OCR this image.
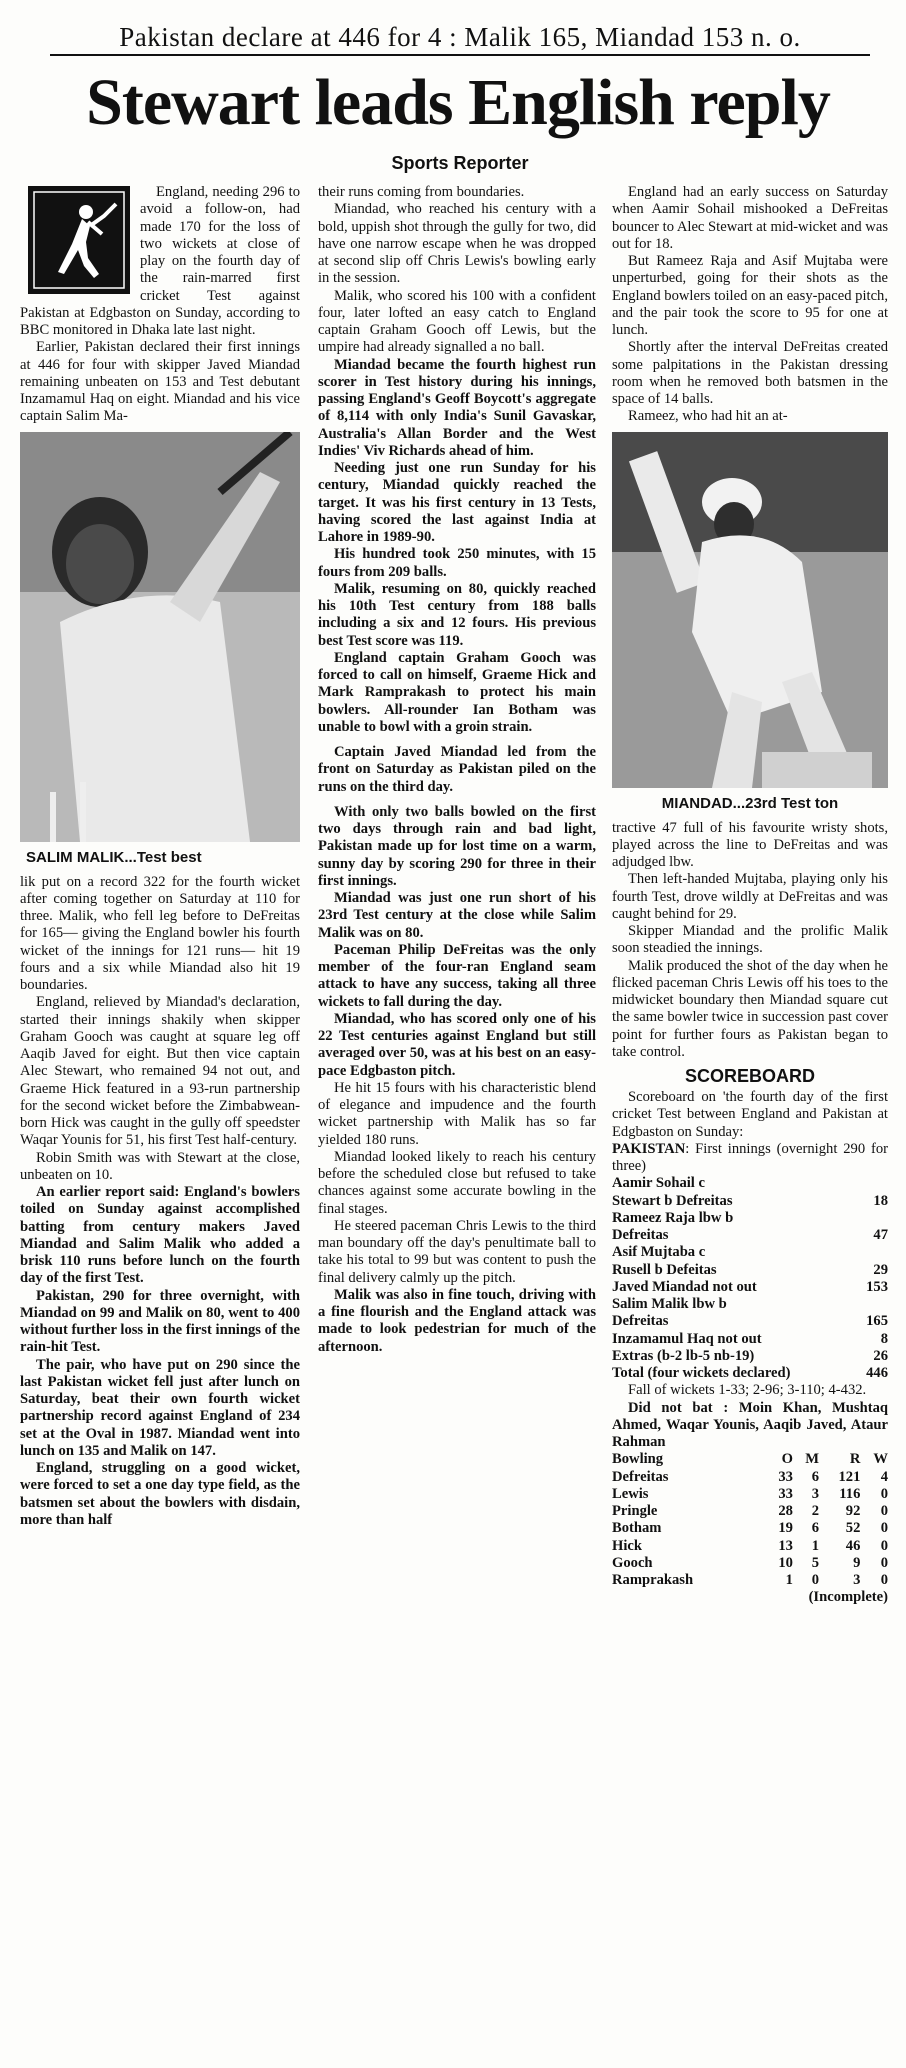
Pakistan declare at 446 for 4 : Malik 165, Miandad 153 n. o.
Stewart leads English reply
Sports Reporter

England, needing 296 to avoid a follow-on, had made 170 for the loss of two wickets at close of play on the fourth day of the rain-marred first cricket Test against Pakistan at Edgbaston on Sunday, according to BBC monitored in Dhaka late last night.

Earlier, Pakistan declared their first innings at 446 for four with skipper Javed Miandad remaining unbeaten on 153 and Test debutant Inzamamul Haq on eight. Miandad and his vice captain Salim Ma-

SALIM MALIK...Test best

lik put on a record 322 for the fourth wicket after coming together on Saturday at 110 for three. Malik, who fell leg before to DeFreitas for 165— giving the England bowler his fourth wicket of the innings for 121 runs— hit 19 fours and a six while Miandad also hit 19 boundaries.

England, relieved by Miandad's declaration, started their innings shakily when skipper Graham Gooch was caught at square leg off Aaqib Javed for eight. But then vice captain Alec Stewart, who remained 94 not out, and Graeme Hick featured in a 93-run partnership for the second wicket before the Zimbabwean-born Hick was caught in the gully off speedster Waqar Younis for 51, his first Test half-century.

Robin Smith was with Stewart at the close, unbeaten on 10.

An earlier report said: England's bowlers toiled on Sunday against accomplished batting from century makers Javed Miandad and Salim Malik who added a brisk 110 runs before lunch on the fourth day of the first Test.

Pakistan, 290 for three overnight, with Miandad on 99 and Malik on 80, went to 400 without further loss in the first innings of the rain-hit Test.

The pair, who have put on 290 since the last Pakistan wicket fell just after lunch on Saturday, beat their own fourth wicket partnership record against England of 234 set at the Oval in 1987. Miandad went into lunch on 135 and Malik on 147.

England, struggling on a good wicket, were forced to set a one day type field, as the batsmen set about the bowlers with disdain, more than half

their runs coming from boundaries.

Miandad, who reached his century with a bold, uppish shot through the gully for two, did have one narrow escape when he was dropped at second slip off Chris Lewis's bowling early in the session.

Malik, who scored his 100 with a confident four, later lofted an easy catch to England captain Graham Gooch off Lewis, but the umpire had already signalled a no ball.

Miandad became the fourth highest run scorer in Test history during his innings, passing England's Geoff Boycott's aggregate of 8,114 with only India's Sunil Gavaskar, Australia's Allan Border and the West Indies' Viv Richards ahead of him.

Needing just one run Sunday for his century, Miandad quickly reached the target. It was his first century in 13 Tests, having scored the last against India at Lahore in 1989-90.

His hundred took 250 minutes, with 15 fours from 209 balls.

Malik, resuming on 80, quickly reached his 10th Test century from 188 balls including a six and 12 fours. His previous best Test score was 119.

England captain Graham Gooch was forced to call on himself, Graeme Hick and Mark Ramprakash to protect his main bowlers. All-rounder Ian Botham was unable to bowl with a groin strain.

Captain Javed Miandad led from the front on Saturday as Pakistan piled on the runs on the third day.

With only two balls bowled on the first two days through rain and bad light, Pakistan made up for lost time on a warm, sunny day by scoring 290 for three in their first innings.

Miandad was just one run short of his 23rd Test century at the close while Salim Malik was on 80.

Paceman Philip DeFreitas was the only member of the four-ran England seam attack to have any success, taking all three wickets to fall during the day.

Miandad, who has scored only one of his 22 Test centuries against England but still averaged over 50, was at his best on an easy-pace Edgbaston pitch.

He hit 15 fours with his characteristic blend of elegance and impudence and the fourth wicket partnership with Malik has so far yielded 180 runs.

Miandad looked likely to reach his century before the scheduled close but refused to take chances against some accurate bowling in the final stages.

He steered paceman Chris Lewis to the third man boundary off the day's penultimate ball to take his total to 99 but was content to push the final delivery calmly up the pitch.

Malik was also in fine touch, driving with a fine flourish and the England attack was made to look pedestrian for much of the afternoon.

England had an early success on Saturday when Aamir Sohail mishooked a DeFreitas bouncer to Alec Stewart at mid-wicket and was out for 18.

But Rameez Raja and Asif Mujtaba were unperturbed, going for their shots as the England bowlers toiled on an easy-paced pitch, and the pair took the score to 95 for one at lunch.

Shortly after the interval DeFreitas created some palpitations in the Pakistan dressing room when he removed both batsmen in the space of 14 balls.

Rameez, who had hit an at-

MIANDAD...23rd Test ton

tractive 47 full of his favourite wristy shots, played across the line to DeFreitas and was adjudged lbw.

Then left-handed Mujtaba, playing only his fourth Test, drove wildly at DeFreitas and was caught behind for 29.

Skipper Miandad and the prolific Malik soon steadied the innings.

Malik produced the shot of the day when he flicked paceman Chris Lewis off his toes to the midwicket boundary then Miandad square cut the same bowler twice in succession past cover point for further fours as Pakistan began to take control.

SCOREBOARD

Scoreboard on 'the fourth day of the first cricket Test between England and Pakistan at Edgbaston on Sunday:

PAKISTAN: First innings (overnight 290 for three)

Aamir Sohail c	
Stewart b Defreitas	18
Rameez Raja lbw b	
Defreitas	47
Asif Mujtaba c	
Rusell b Defeitas	29
Javed Miandad not out	153
Salim Malik lbw b	
Defreitas	165
Inzamamul Haq not out	8
Extras (b-2 lb-5 nb-19)	26
Total (four wickets declared)	446

Fall of wickets 1-33; 2-96; 3-110; 4-432.

Did not bat : Moin Khan, Mushtaq Ahmed, Waqar Younis, Aaqib Javed, Ataur Rahman

Bowling	O	M	R	W
Defreitas	33	6	121	4
Lewis	33	3	116	0
Pringle	28	2	92	0
Botham	19	6	52	0
Hick	13	1	46	0
Gooch	10	5	9	0
Ramprakash	1	0	3	0
(Incomplete)
